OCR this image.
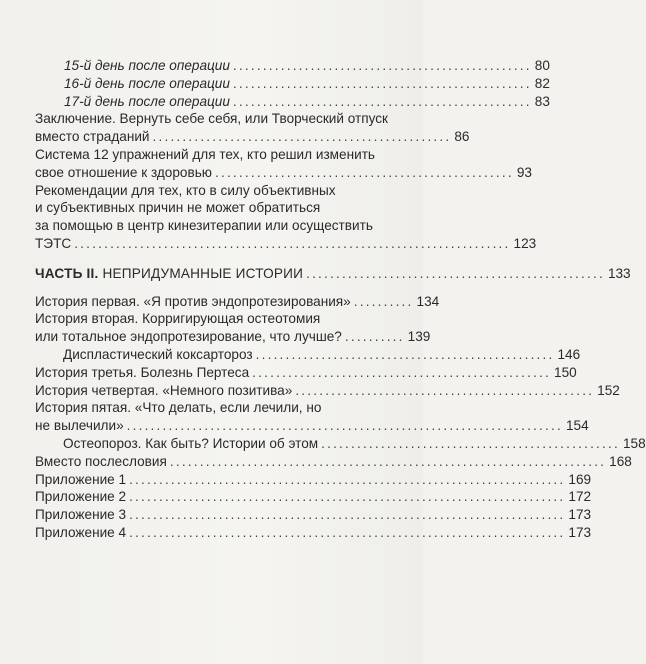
15-й день после операции .................................................. 80
16-й день после операции .................................................. 82
17-й день после операции .................................................. 83
Заключение. Вернуть себе себя, или Творческий отпуск
вместо страданий .................................................. 86
Система 12 упражнений для тех, кто решил изменить
свое отношение к здоровью .................................................. 93
Рекомендации для тех, кто в силу объективных
и субъективных причин не может обратиться
за помощью в центр кинезитерапии или осуществить
ТЭТС ......................................................................... 123
ЧАСТЬ II. НЕПРИДУМАННЫЕ ИСТОРИИ .................................................. 133
История первая. «Я против эндопротезирования» .......... 134
История вторая. Корригирующая остеотомия
или тотальное эндопротезирование, что лучше? .......... 139
Диспластический коксартороз .................................................. 146
История третья. Болезнь Пертеса .................................................. 150
История четвертая. «Немного позитива» .................................................. 152
История пятая. «Что делать, если лечили, но
не вылечили» ......................................................................... 154
Остеопороз. Как быть? Истории об этом .................................................. 158
Вместо послесловия ......................................................................... 168
Приложение 1 ......................................................................... 169
Приложение 2 ......................................................................... 172
Приложение 3 ......................................................................... 173
Приложение 4 ......................................................................... 173
